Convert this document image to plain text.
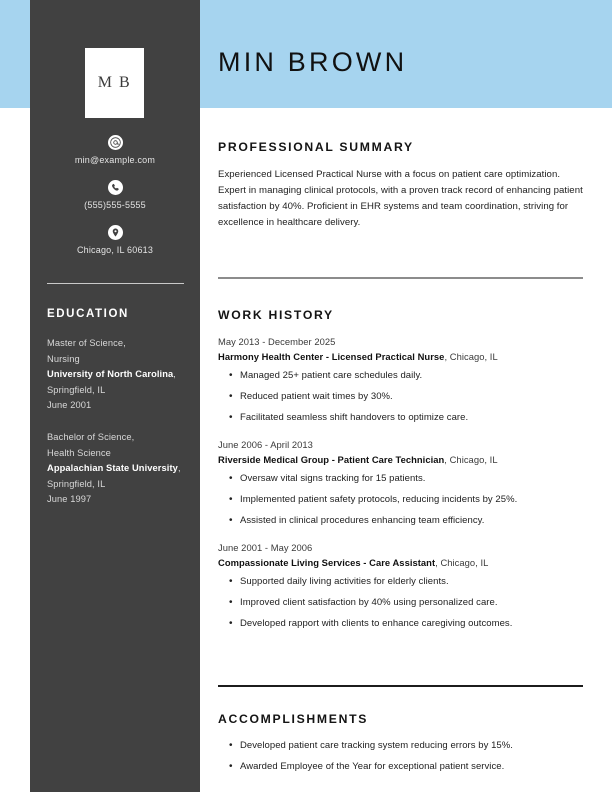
M B
MIN BROWN
min@example.com
(555)555-5555
Chicago, IL 60613
EDUCATION
Master of Science,
Nursing
University of North Carolina, Springfield, IL
June 2001
Bachelor of Science,
Health Science
Appalachian State University, Springfield, IL
June 1997
PROFESSIONAL SUMMARY

Experienced Licensed Practical Nurse with a focus on patient care optimization. Expert in managing clinical protocols, with a proven track record of enhancing patient satisfaction by 40%. Proficient in EHR systems and team coordination, striving for excellence in healthcare delivery.

WORK HISTORY
May 2013 - December 2025
Harmony Health Center - Licensed Practical Nurse, Chicago, IL
• Managed 25+ patient care schedules daily.
• Reduced patient wait times by 30%.
• Facilitated seamless shift handovers to optimize care.
June 2006 - April 2013
Riverside Medical Group - Patient Care Technician, Chicago, IL
• Oversaw vital signs tracking for 15 patients.
• Implemented patient safety protocols, reducing incidents by 25%.
• Assisted in clinical procedures enhancing team efficiency.
June 2001 - May 2006
Compassionate Living Services - Care Assistant, Chicago, IL
• Supported daily living activities for elderly clients.
• Improved client satisfaction by 40% using personalized care.
• Developed rapport with clients to enhance caregiving outcomes.
ACCOMPLISHMENTS
• Developed patient care tracking system reducing errors by 15%.
• Awarded Employee of the Year for exceptional patient service.
